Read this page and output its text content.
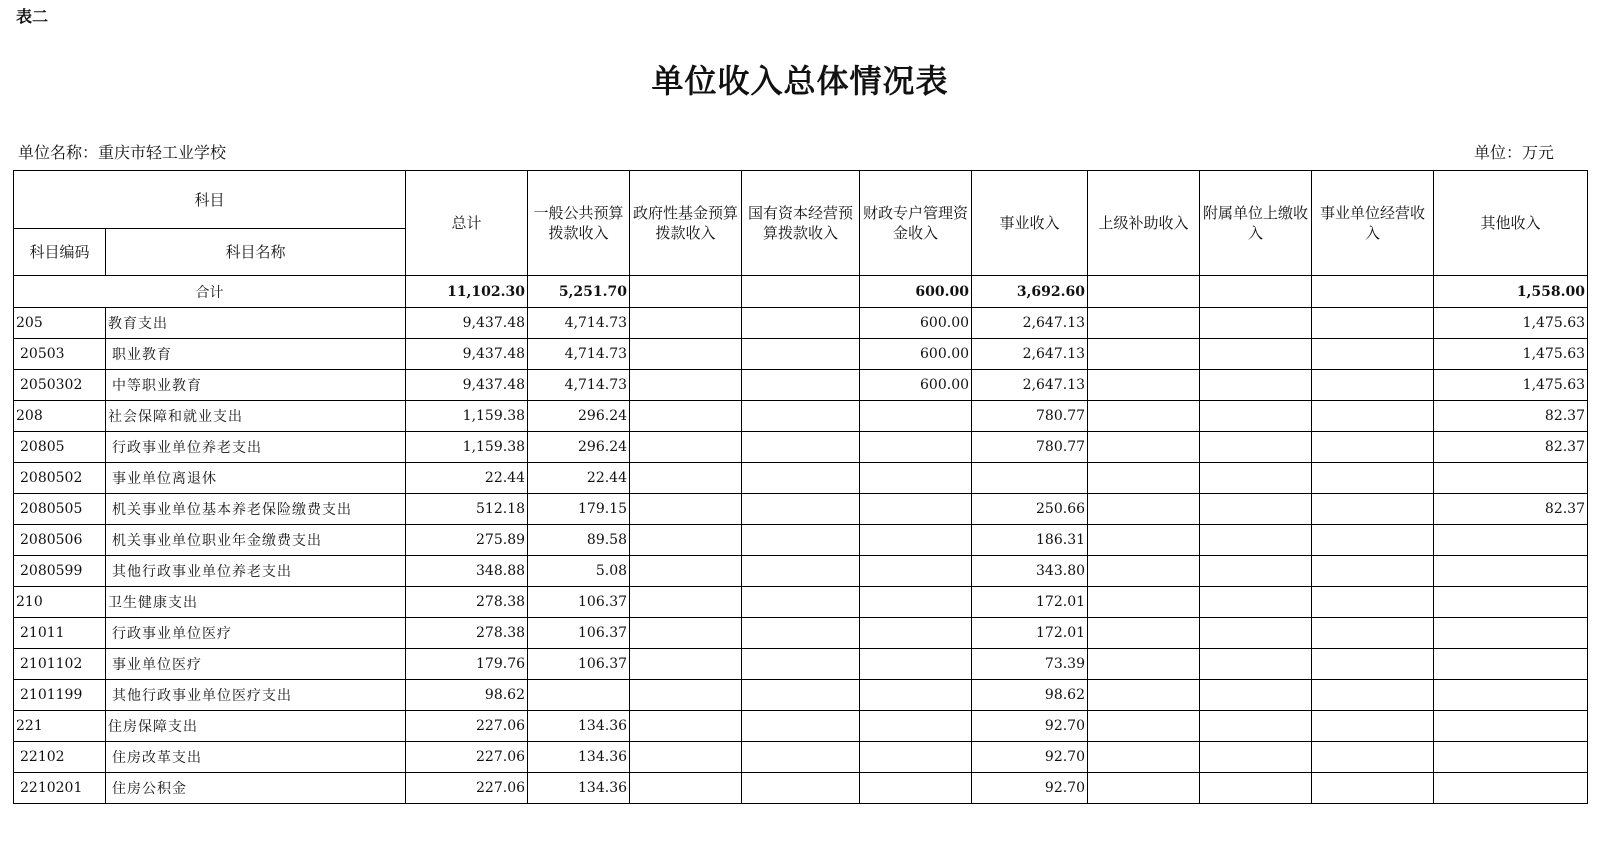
表二
单位收入总体情况表
单位名称：重庆市轻工业学校	单位：万元
科目		总计	一般公共预算拨款收入	政府性基金预算拨款收入	国有资本经营预算拨款收入	财政专户管理资金收入	事业收入	上级补助收入	附属单位上缴收入	事业单位经营收入	其他收入
科目编码	科目名称										
合计		11,102.30	5,251.70			600.00	3,692.60				1,558.00
205	教育支出	9,437.48	4,714.73			600.00	2,647.13				1,475.63
20503	职业教育	9,437.48	4,714.73			600.00	2,647.13				1,475.63
2050302	中等职业教育	9,437.48	4,714.73			600.00	2,647.13				1,475.63
208	社会保障和就业支出	1,159.38	296.24				780.77				82.37
20805	行政事业单位养老支出	1,159.38	296.24				780.77				82.37
2080502	事业单位离退休	22.44	22.44								
2080505	机关事业单位基本养老保险缴费支出	512.18	179.15				250.66				82.37
2080506	机关事业单位职业年金缴费支出	275.89	89.58				186.31				
2080599	其他行政事业单位养老支出	348.88	5.08				343.80				
210	卫生健康支出	278.38	106.37				172.01				
21011	行政事业单位医疗	278.38	106.37				172.01				
2101102	事业单位医疗	179.76	106.37				73.39				
2101199	其他行政事业单位医疗支出	98.62					98.62				
221	住房保障支出	227.06	134.36				92.70				
22102	住房改革支出	227.06	134.36				92.70				
2210201	住房公积金	227.06	134.36				92.70				
